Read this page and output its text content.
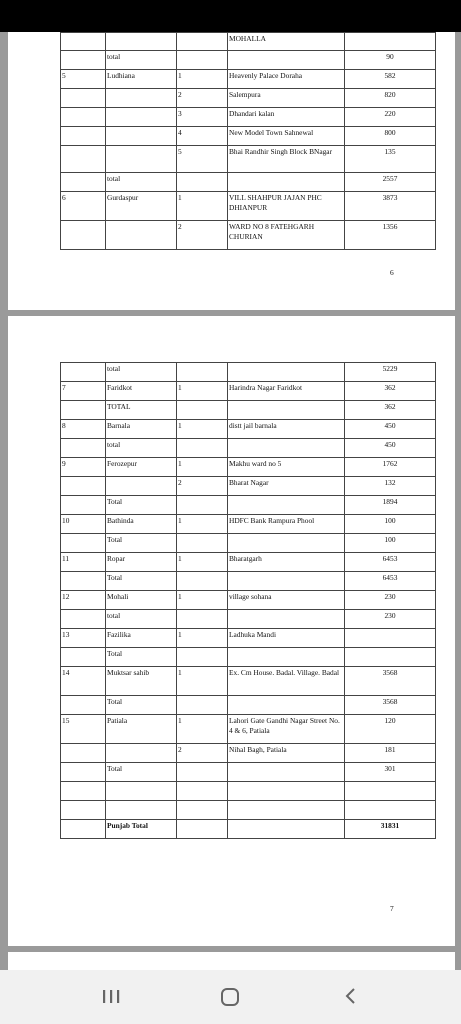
			MOHALLA	
	total			90
5	Ludhiana	1	Heavenly Palace Doraha	582
		2	Salempura	820
		3	Dhandari kalan	220
		4	New Model Town Sahnewal	800
		5	Bhai Randhir Singh Block BNagar	135
	total			2557
6	Gurdaspur	1	VILL SHAHPUR JAJAN PHC DHIANPUR	3873
		2	WARD NO 8 FATEHGARH CHURIAN	1356
6
	total			5229
7	Faridkot	1	Harindra Nagar Faridkot	362
	TOTAL			362
8	Barnala	1	distt jail barnala	450
	total			450
9	Ferozepur	1	Makhu ward no 5	1762
		2	Bharat Nagar	132
	Total			1894
10	Bathinda	1	HDFC Bank Rampura Phool	100
	Total			100
11	Ropar	1	Bharatgarh	6453
	Total			6453
12	Mohali	1	village sohana	230
	total			230
13	Fazilika	1	Ladhuka Mandi	
	Total			
14	Muktsar sahib	1	Ex. Cm House. Badal. Village. Badal	3568
	Total			3568
15	Patiala	1	Lahori Gate Gandhi Nagar Street No. 4 & 6, Patiala	120
		2	Nihal Bagh, Patiala	181
	Total			301

	Punjab Total			31831
7
